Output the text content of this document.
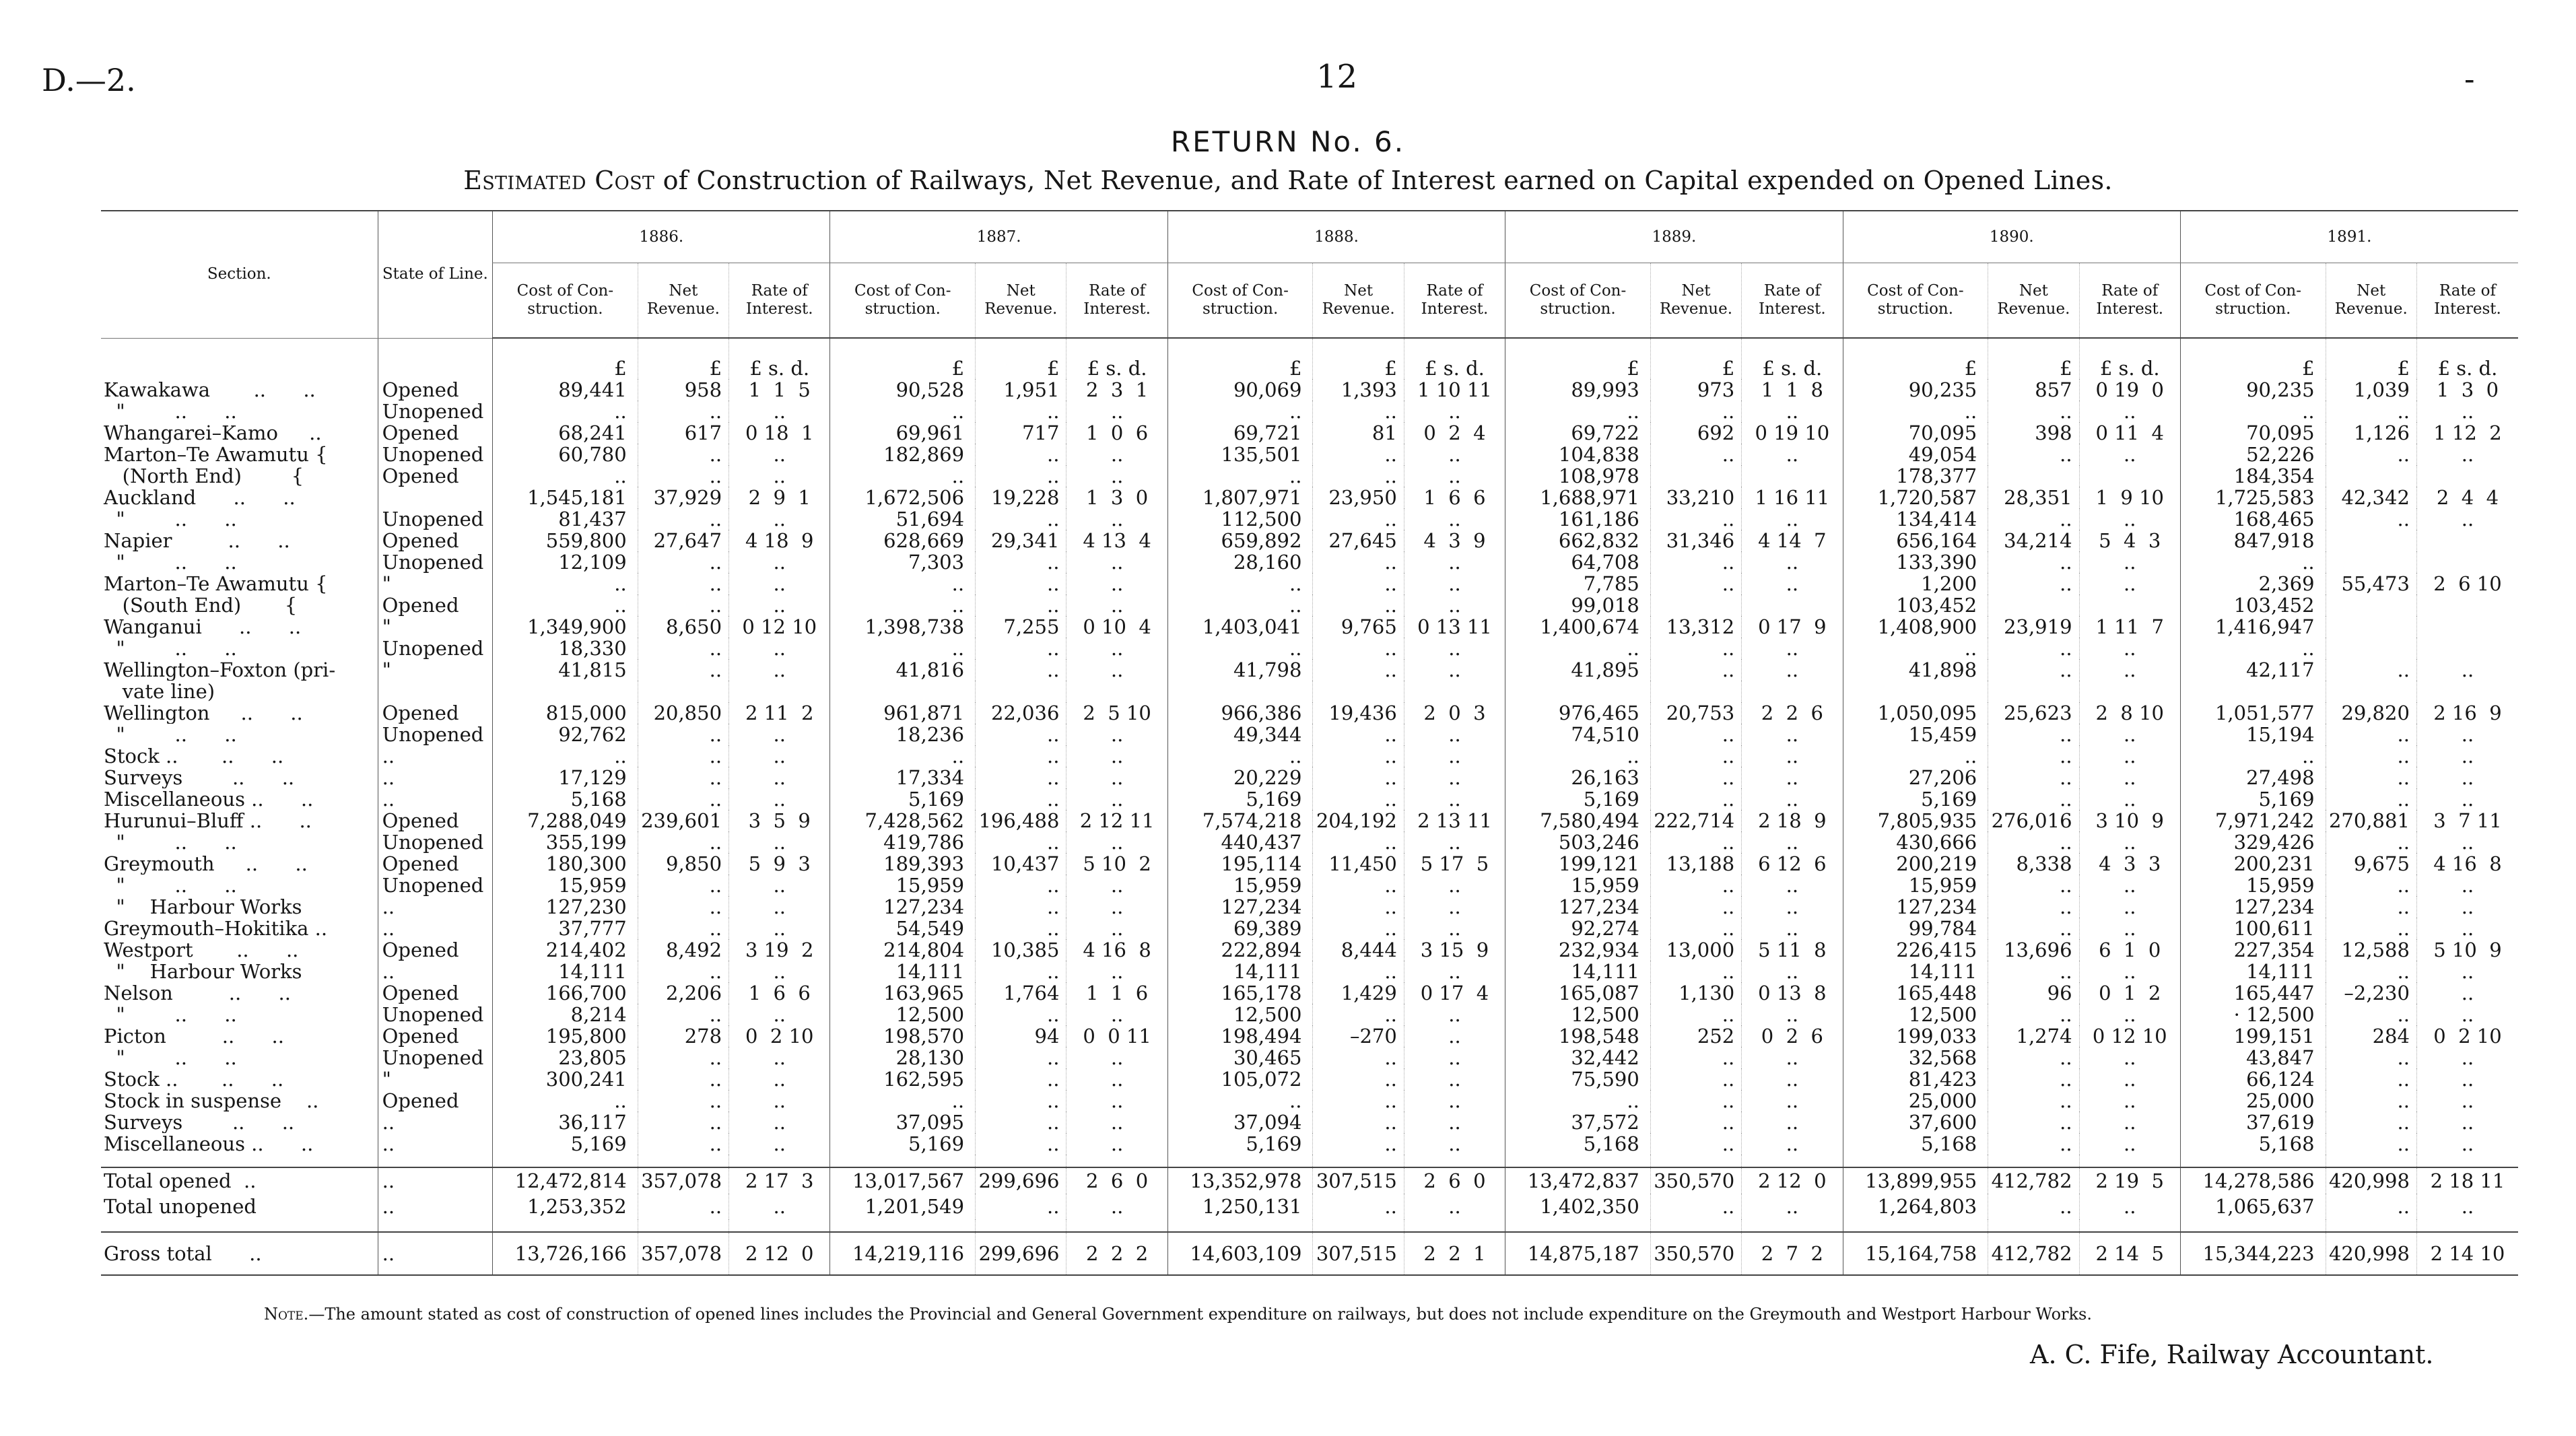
D.—2.	12	-
RETURN No. 6.
Estimated Cost of Construction of Railways, Net Revenue, and Rate of Interest earned on Capital expended on Opened Lines.
Section.	State of Line.	1886.			1887.			1888.			1889.			1890.			1891.		
		Cost of Con- struction.	Net Revenue.	Rate of Interest.	Cost of Con- struction.	Net Revenue.	Rate of Interest.	Cost of Con- struction.	Net Revenue.	Rate of Interest.	Cost of Con- struction.	Net Revenue.	Rate of Interest.	Cost of Con- struction.	Net Revenue.	Rate of Interest.	Cost of Con- struction.	Net Revenue.	Rate of Interest.
		£	£	£ s. d.	£	£	£ s. d.	£	£	£ s. d.	£	£	£ s. d.	£	£	£ s. d.	£	£	£ s. d.
Kawakawa       ..      ..	Opened	89,441	958	1  1  5	90,528	1,951	2  3  1	90,069	1,393	1 10 11	89,993	973	1  1  8	90,235	857	0 19  0	90,235	1,039	1  3  0
"        ..      ..	Unopened	..	..	..	..	..	..	..	..	..	..	..	..	..	..	..	..	..	..
Whangarei–Kamo     ..	Opened	68,241	617	0 18  1	69,961	717	1  0  6	69,721	81	0  2  4	69,722	692	0 19 10	70,095	398	0 11  4	70,095	1,126	1 12  2
Marton–Te Awamutu {	Unopened	60,780	..	..	182,869	..	..	135,501	..	..	104,838	..	..	49,054	..	..	52,226	..	..
(North End)        {	Opened	..	..	..	..	..	..	..	..	..	108,978			178,377			184,354		
Auckland      ..      ..		1,545,181	37,929	2  9  1	1,672,506	19,228	1  3  0	1,807,971	23,950	1  6  6	1,688,971	33,210	1 16 11	1,720,587	28,351	1  9 10	1,725,583	42,342	2  4  4
"        ..      ..	Unopened	81,437	..	..	51,694	..	..	112,500	..	..	161,186	..	..	134,414	..	..	168,465	..	..
Napier         ..      ..	Opened	559,800	27,647	4 18  9	628,669	29,341	4 13  4	659,892	27,645	4  3  9	662,832	31,346	4 14  7	656,164	34,214	5  4  3	847,918		
"        ..      ..	Unopened	12,109	..	..	7,303	..	..	28,160	..	..	64,708	..	..	133,390	..	..	..		
Marton–Te Awamutu {	"	..	..	..	..	..	..	..	..	..	7,785	..	..	1,200	..	..	2,369	55,473	2  6 10
(South End)       {	Opened	..	..	..	..	..	..	..	..	..	99,018			103,452			103,452		
Wanganui      ..      ..	"	1,349,900	8,650	0 12 10	1,398,738	7,255	0 10  4	1,403,041	9,765	0 13 11	1,400,674	13,312	0 17  9	1,408,900	23,919	1 11  7	1,416,947		
"        ..      ..	Unopened	18,330	..	..	..	..	..	..	..	..	..	..	..	..	..	..	..		
Wellington–Foxton (pri-	"	41,815	..	..	41,816	..	..	41,798	..	..	41,895	..	..	41,898	..	..	42,117	..	..
vate line)																			
Wellington     ..      ..	Opened	815,000	20,850	2 11  2	961,871	22,036	2  5 10	966,386	19,436	2  0  3	976,465	20,753	2  2  6	1,050,095	25,623	2  8 10	1,051,577	29,820	2 16  9
"        ..      ..	Unopened	92,762	..	..	18,236	..	..	49,344	..	..	74,510	..	..	15,459	..	..	15,194	..	..
Stock ..       ..      ..	..	..	..	..	..	..	..	..	..	..	..	..	..	..	..	..	..	..	..
Surveys        ..      ..	..	17,129	..	..	17,334	..	..	20,229	..	..	26,163	..	..	27,206	..	..	27,498	..	..
Miscellaneous ..      ..	..	5,168	..	..	5,169	..	..	5,169	..	..	5,169	..	..	5,169	..	..	5,169	..	..
Hurunui–Bluff ..      ..	Opened	7,288,049	239,601	3  5  9	7,428,562	196,488	2 12 11	7,574,218	204,192	2 13 11	7,580,494	222,714	2 18  9	7,805,935	276,016	3 10  9	7,971,242	270,881	3  7 11
"        ..      ..	Unopened	355,199	..	..	419,786	..	..	440,437	..	..	503,246	..	..	430,666	..	..	329,426	..	..
Greymouth     ..      ..	Opened	180,300	9,850	5  9  3	189,393	10,437	5 10  2	195,114	11,450	5 17  5	199,121	13,188	6 12  6	200,219	8,338	4  3  3	200,231	9,675	4 16  8
"        ..      ..	Unopened	15,959	..	..	15,959	..	..	15,959	..	..	15,959	..	..	15,959	..	..	15,959	..	..
"    Harbour Works	..	127,230	..	..	127,234	..	..	127,234	..	..	127,234	..	..	127,234	..	..	127,234	..	..
Greymouth–Hokitika ..	..	37,777	..	..	54,549	..	..	69,389	..	..	92,274	..	..	99,784	..	..	100,611	..	..
Westport       ..      ..	Opened	214,402	8,492	3 19  2	214,804	10,385	4 16  8	222,894	8,444	3 15  9	232,934	13,000	5 11  8	226,415	13,696	6  1  0	227,354	12,588	5 10  9
"    Harbour Works	..	14,111	..	..	14,111	..	..	14,111	..	..	14,111	..	..	14,111	..	..	14,111	..	..
Nelson         ..      ..	Opened	166,700	2,206	1  6  6	163,965	1,764	1  1  6	165,178	1,429	0 17  4	165,087	1,130	0 13  8	165,448	96	0  1  2	165,447	–2,230	..
"        ..      ..	Unopened	8,214	..	..	12,500	..	..	12,500	..	..	12,500	..	..	12,500	..	..	· 12,500	..	..
Picton         ..      ..	Opened	195,800	278	0  2 10	198,570	94	0  0 11	198,494	–270	..	198,548	252	0  2  6	199,033	1,274	0 12 10	199,151	284	0  2 10
"        ..      ..	Unopened	23,805	..	..	28,130	..	..	30,465	..	..	32,442	..	..	32,568	..	..	43,847	..	..
Stock ..       ..      ..	"	300,241	..	..	162,595	..	..	105,072	..	..	75,590	..	..	81,423	..	..	66,124	..	..
Stock in suspense    ..	Opened	..	..	..	..	..	..	..	..	..	..	..	..	25,000	..	..	25,000	..	..
Surveys        ..      ..	..	36,117	..	..	37,095	..	..	37,094	..	..	37,572	..	..	37,600	..	..	37,619	..	..
Miscellaneous ..      ..	..	5,169	..	..	5,169	..	..	5,169	..	..	5,168	..	..	5,168	..	..	5,168	..	..

Total opened  ..	..	12,472,814	357,078	2 17  3	13,017,567	299,696	2  6  0	13,352,978	307,515	2  6  0	13,472,837	350,570	2 12  0	13,899,955	412,782	2 19  5	14,278,586	420,998	2 18 11
Total unopened	..	1,253,352	..	..	1,201,549	..	..	1,250,131	..	..	1,402,350	..	..	1,264,803	..	..	1,065,637	..	..

Gross total      ..	..	13,726,166	357,078	2 12  0	14,219,116	299,696	2  2  2	14,603,109	307,515	2  2  1	14,875,187	350,570	2  7  2	15,164,758	412,782	2 14  5	15,344,223	420,998	2 14 10
Note.—The amount stated as cost of construction of opened lines includes the Provincial and General Government expenditure on railways, but does not include expenditure on the Greymouth and Westport Harbour Works.
A. C. Fife, Railway Accountant.
